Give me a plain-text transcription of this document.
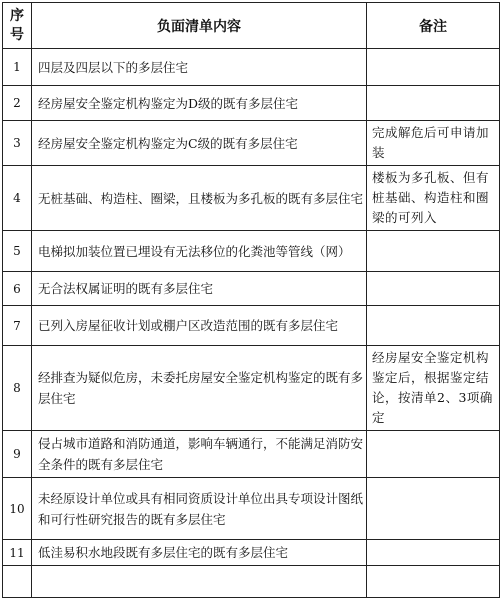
序
号	负面清单内容	备注
1	四层及四层以下的多层住宅	
2	经房屋安全鉴定机构鉴定为D级的既有多层住宅	
3	经房屋安全鉴定机构鉴定为C级的既有多层住宅	完成解危后可申请加装
4	无桩基础、构造柱、圈梁，且楼板为多孔板的既有多层住宅	楼板为多孔板、但有桩基础、构造柱和圈梁的可列入
5	电梯拟加装位置已埋设有无法移位的化粪池等管线（网）	
6	无合法权属证明的既有多层住宅	
7	已列入房屋征收计划或棚户区改造范围的既有多层住宅	
8	经排查为疑似危房，未委托房屋安全鉴定机构鉴定的既有多层住宅	经房屋安全鉴定机构鉴定后，根据鉴定结论，按清单2、3项确定
9	侵占城市道路和消防通道，影响车辆通行，不能满足消防安全条件的既有多层住宅	
10	未经原设计单位或具有相同资质设计单位出具专项设计图纸和可行性研究报告的既有多层住宅	
11	低洼易积水地段既有多层住宅的既有多层住宅	
